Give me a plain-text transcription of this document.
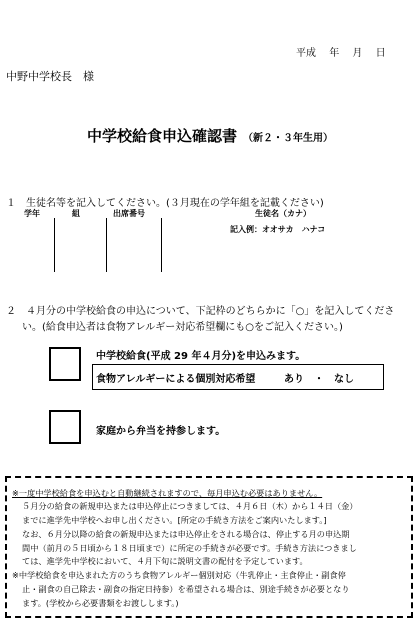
平成 年 月 日
中野中学校長　様
中学校給食申込確認書 （新２・３年生用）
１　生徒名等を記入してください。(３月現在の学年組を記載ください)
学年	組	出席番号	生徒名（カナ）
記入例：オオサカ　ハナコ
２　４月分の中学校給食の申込について、下記枠のどちらかに「○」を記入してくださ
い。(給食申込者は食物アレルギー対応希望欄にも○をご記入ください。)
中学校給食(平成 29 年４月分)を申込みます。
食物アレルギーによる個別対応希望	あり　・　なし
家庭から弁当を持参します。
※一度中学校給食を申込むと自動継続されますので、毎月申込む必要はありません。
５月分の給食の新規申込または申込停止につきましては、４月６日（木）から１４日（金）
までに進学先中学校へお申し出ください。[所定の手続き方法をご案内いたします。]
なお、６月分以降の給食の新規申込または申込停止をされる場合は、停止する月の申込期
間中（前月の５日頃から１８日頃まで）に所定の手続きが必要です。手続き方法につきまし
ては、進学先中学校において、４月下旬に説明文書の配付を予定しています。
※中学校給食を申込まれた方のうち食物アレルギー個別対応（牛乳停止・主食停止・副食停
止・副食の自己除去・副食の指定日持参）を希望される場合は、別途手続きが必要となり
ます。(学校から必要書類をお渡しします。)
